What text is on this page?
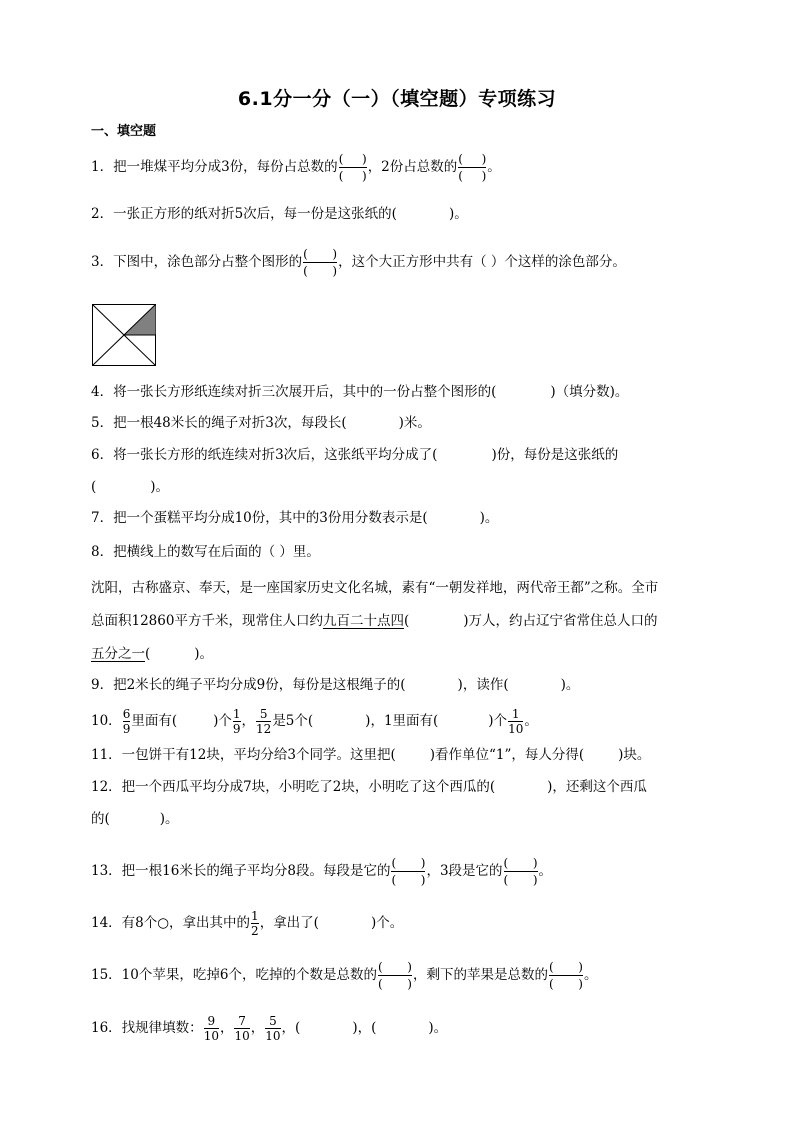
6.1分一分（一）（填空题）专项练习
一、填空题
1．把一堆煤平均分成3份，每份占总数的 ( )
( )
，2份占总数的 ( )
( )
。
2．一张正方形的纸对折5次后，每一份是这张纸的(	)。
3．下图中，涂色部分占整个图形的 ( )
( )
，这个大正方形中共有（ ）个这样的涂色部分。
4．将一张长方形纸连续对折三次展开后，其中的一份占整个图形的(	)（填分数)。
5．把一根48米长的绳子对折3次，每段长(	)米。
6．将一张长方形的纸连续对折3次后，这张纸平均分成了(	)份，每份是这张纸的
(	)。
7．把一个蛋糕平均分成10份，其中的3份用分数表示是(	)。
8．把横线上的数写在后面的（ ）里。
沈阳，古称盛京、奉天，是一座国家历史文化名城，素有“一朝发祥地，两代帝王都”之称。全市
总面积12860平方千米，现常住人口约九百二十点四(	)万人，约占辽宁省常住总人口的
五分之一(	)。
9．把2米长的绳子平均分成9份，每份是这根绳子的(	)，读作(	)。
10． $\frac{6}{9}$ 里面有(	)个 $\frac{1}{9}$ ， $\frac{5}{12}$ 是5个(	)，1里面有(	)个 $\frac{1}{10}$ 。
11．一包饼干有12块，平均分给3个同学。这里把(	)看作单位“1”，每人分得(	)块。
12．把一个西瓜平均分成7块，小明吃了2块，小明吃了这个西瓜的(	)，还剩这个西瓜
的(	)。
13．把一根16米长的绳子平均分8段。每段是它的 ( )
( )
，3段是它的 ( )
( )
。
14．有8个○，拿出其中的 $\frac{1}{2}$ ，拿出了(	)个。
15．10个苹果，吃掉6个，吃掉的个数是总数的 ( )
( )
，剩下的苹果是总数的 ( )
( )
。
16．找规律填数： $\frac{9}{10}$ ， $\frac{7}{10}$ ， $\frac{5}{10}$ ，(	)，(	)。
